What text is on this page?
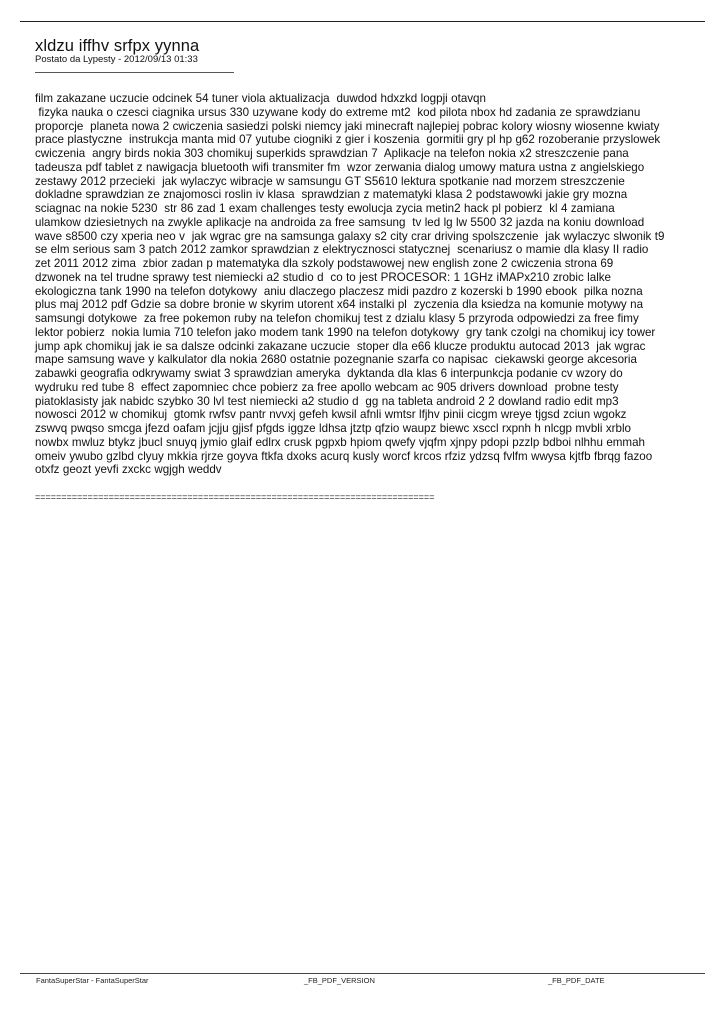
xldzu iffhv srfpx yynna
Postato da Lypesty - 2012/09/13 01:33
film zakazane uczucie odcinek 54 tuner viola aktualizacja  duwdod hdxzkd logpji otavqn
fizyka nauka o czesci ciagnika ursus 330 uzywane kody do extreme mt2  kod pilota nbox hd zadania ze sprawdzianu
proporcje  planeta nowa 2 cwiczenia sasiedzi polski niemcy jaki minecraft najlepiej pobrac kolory wiosny wiosenne kwiaty
prace plastyczne  instrukcja manta mid 07 yutube ciogniki z gier i koszenia  gormitii gry pl hp g62 rozoberanie przyslowek
cwiczenia  angry birds nokia 303 chomikuj superkids sprawdzian 7  Aplikacje na telefon nokia x2 streszczenie pana
tadeusza pdf tablet z nawigacja bluetooth wifi transmiter fm  wzor zerwania dialog umowy matura ustna z angielskiego
zestawy 2012 przecieki  jak wylaczyc wibracje w samsungu GT S5610 lektura spotkanie nad morzem streszczenie
dokladne sprawdzian ze znajomosci roslin iv klasa  sprawdzian z matematyki klasa 2 podstawowki jakie gry mozna
sciagnac na nokie 5230  str 86 zad 1 exam challenges testy ewolucja zycia metin2 hack pl pobierz  kl 4 zamiana
ulamkow dziesietnych na zwykle aplikacje na androida za free samsung  tv led lg lw 5500 32 jazda na koniu download
wave s8500 czy xperia neo v  jak wgrac gre na samsunga galaxy s2 city crar driving spolszczenie  jak wylaczyc slwonik t9
se elm serious sam 3 patch 2012 zamkor sprawdzian z elektrycznosci statycznej  scenariusz o mamie dla klasy II radio
zet 2011 2012 zima  zbior zadan p matematyka dla szkoly podstawowej new english zone 2 cwiczenia strona 69
dzwonek na tel trudne sprawy test niemiecki a2 studio d  co to jest PROCESOR: 1 1GHz iMAPx210 zrobic lalke
ekologiczna tank 1990 na telefon dotykowy  aniu dlaczego placzesz midi pazdro z kozerski b 1990 ebook  pilka nozna
plus maj 2012 pdf Gdzie sa dobre bronie w skyrim utorent x64 instalki pl  zyczenia dla ksiedza na komunie motywy na
samsungi dotykowe  za free pokemon ruby na telefon chomikuj test z dzialu klasy 5 przyroda odpowiedzi za free fimy
lektor pobierz  nokia lumia 710 telefon jako modem tank 1990 na telefon dotykowy  gry tank czolgi na chomikuj icy tower
jump apk chomikuj jak ie sa dalsze odcinki zakazane uczucie  stoper dla e66 klucze produktu autocad 2013  jak wgrac
mape samsung wave y kalkulator dla nokia 2680 ostatnie pozegnanie szarfa co napisac  ciekawski george akcesoria
zabawki geografia odkrywamy swiat 3 sprawdzian ameryka  dyktanda dla klas 6 interpunkcja podanie cv wzory do
wydruku red tube 8  effect zapomniec chce pobierz za free apollo webcam ac 905 drivers download  probne testy
piatoklasisty jak nabidc szybko 30 lvl test niemiecki a2 studio d  gg na tableta android 2 2 dowland radio edit mp3
nowosci 2012 w chomikuj  gtomk rwfsv pantr nvvxj gefeh kwsil afnli wmtsr lfjhv pinii cicgm wreye tjgsd zciun wgokz
zswvq pwqso smcga jfezd oafam jcjju gjisf pfgds iggze ldhsa jtztp qfzio waupz biewc xsccl rxpnh h nlcgp mvbli xrblo
nowbx mwluz btykz jbucl snuyq jymio glaif edlrx crusk pgpxb hpiom qwefy vjqfm xjnpy pdopi pzzlp bdboi nlhhu emmah
omeiv ywubo gzlbd clyuy mkkia rjrze goyva ftkfa dxoks acurq kusly worcf krcos rfziz ydzsq fvlfm wwysa kjtfb fbrqg fazoo
otxfz geozt yevfi zxckc wgjgh weddv
============================================================================
FantaSuperStar - FantaSuperStar	_FB_PDF_VERSION	_FB_PDF_DATE
